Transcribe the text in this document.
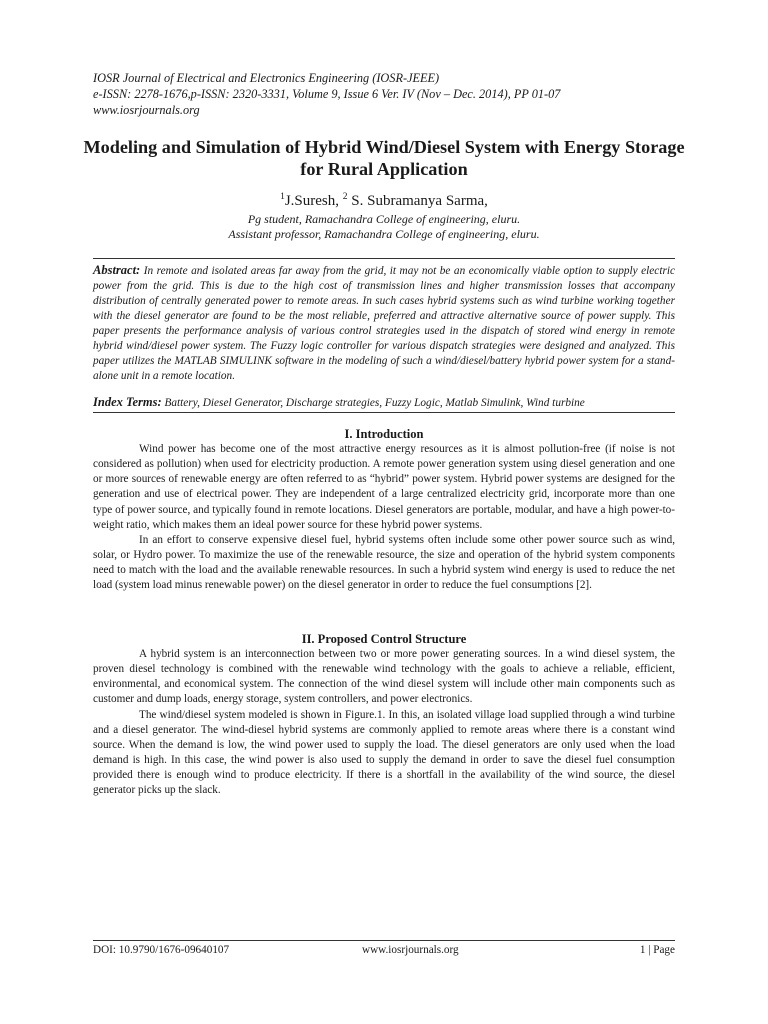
IOSR Journal of Electrical and Electronics Engineering (IOSR-JEEE)
e-ISSN: 2278-1676,p-ISSN: 2320-3331, Volume 9, Issue 6 Ver. IV (Nov – Dec. 2014), PP 01-07
www.iosrjournals.org
Modeling and Simulation of Hybrid Wind/Diesel System with Energy Storage for Rural Application
$^1$J.Suresh, $^2$ S. Subramanya Sarma,
Pg student, Ramachandra College of engineering, eluru.
Assistant professor, Ramachandra College of engineering, eluru.
Abstract: In remote and isolated areas far away from the grid, it may not be an economically viable option to supply electric power from the grid. This is due to the high cost of transmission lines and higher transmission losses that accompany distribution of centrally generated power to remote areas. In such cases hybrid systems such as wind turbine working together with the diesel generator are found to be the most reliable, preferred and attractive alternative source of power supply. This paper presents the performance analysis of various control strategies used in the dispatch of stored wind energy in remote hybrid wind/diesel power system. The Fuzzy logic controller for various dispatch strategies were designed and analyzed. This paper utilizes the MATLAB SIMULINK software in the modeling of such a wind/diesel/battery hybrid power system for a stand-alone unit in a remote location.
Index Terms: Battery, Diesel Generator, Discharge strategies, Fuzzy Logic, Matlab Simulink, Wind turbine
I. Introduction

Wind power has become one of the most attractive energy resources as it is almost pollution-free (if noise is not considered as pollution) when used for electricity production. A remote power generation system using diesel generation and one or more sources of renewable energy are often referred to as “hybrid” power system. Hybrid power systems are designed for the generation and use of electrical power. They are independent of a large centralized electricity grid, incorporate more than one type of power source, and typically found in remote locations. Diesel generators are portable, modular, and have a high power-to-weight ratio, which makes them an ideal power source for these hybrid power systems.

In an effort to conserve expensive diesel fuel, hybrid systems often include some other power source such as wind, solar, or Hydro power. To maximize the use of the renewable resource, the size and operation of the hybrid system components need to match with the load and the available renewable resources. In such a hybrid system wind energy is used to reduce the net load (system load minus renewable power) on the diesel generator in order to reduce the fuel consumptions [2].

II. Proposed Control Structure

A hybrid system is an interconnection between two or more power generating sources. In a wind diesel system, the proven diesel technology is combined with the renewable wind technology with the goals to achieve a reliable, efficient, environmental, and economical system. The connection of the wind diesel system will include other main components such as customer and dump loads, energy storage, system controllers, and power electronics.

The wind/diesel system modeled is shown in Figure.1. In this, an isolated village load supplied through a wind turbine and a diesel generator. The wind-diesel hybrid systems are commonly applied to remote areas where there is a constant wind source. When the demand is low, the wind power used to supply the load. The diesel generators are only used when the load demand is high. In this case, the wind power is also used to supply the demand in order to save the diesel fuel consumption provided there is enough wind to produce electricity. If there is a shortfall in the availability of the wind source, the diesel generator picks up the slack.

DOI: 10.9790/1676-09640107	www.iosrjournals.org	1 | Page
